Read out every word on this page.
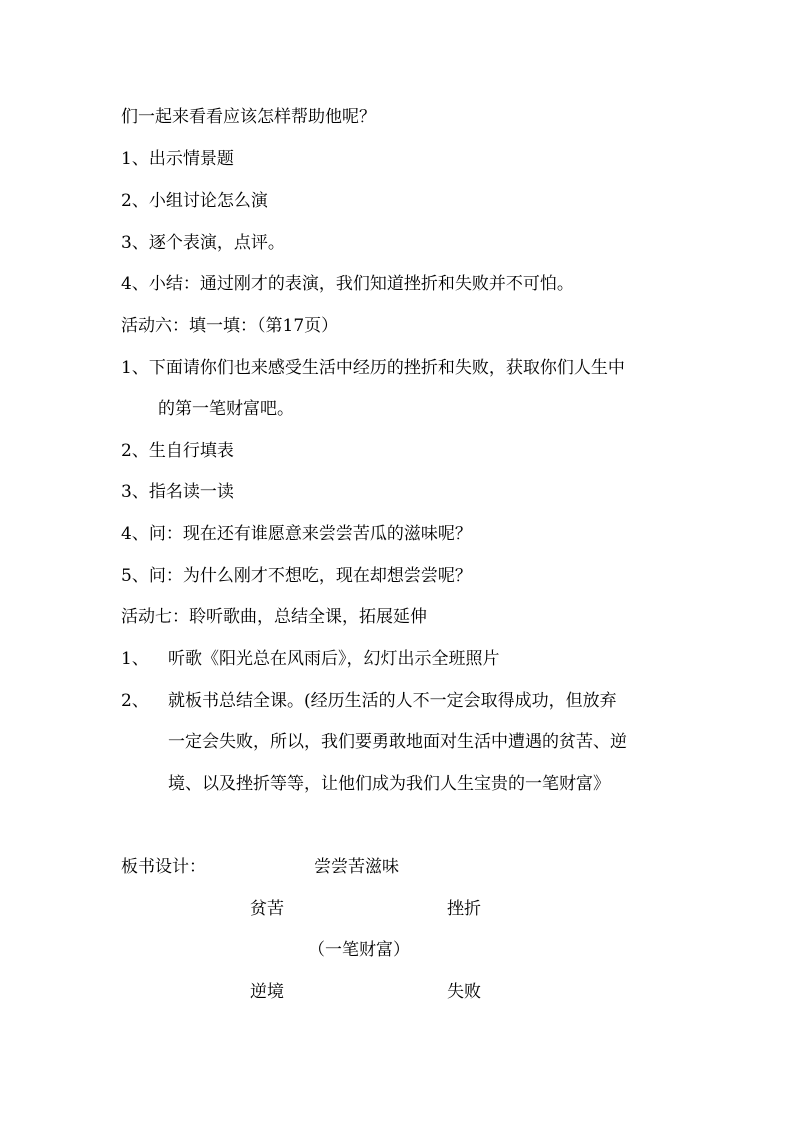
们一起来看看应该怎样帮助他呢？
1、出示情景题
2、小组讨论怎么演
3、逐个表演，点评。
4、小结：通过刚才的表演，我们知道挫折和失败并不可怕。
活动六：填一填：（第17页）
1、下面请你们也来感受生活中经历的挫折和失败，获取你们人生中
的第一笔财富吧。
2、生自行填表
3、指名读一读
4、问：现在还有谁愿意来尝尝苦瓜的滋味呢？
5、问：为什么刚才不想吃，现在却想尝尝呢？
活动七：聆听歌曲，总结全课，拓展延伸
1、 听歌《阳光总在风雨后》，幻灯出示全班照片
2、 就板书总结全课。(经历生活的人不一定会取得成功，但放弃
一定会失败，所以，我们要勇敢地面对生活中遭遇的贫苦、逆
境、以及挫折等等，让他们成为我们人生宝贵的一笔财富》
板书设计：	尝尝苦滋味
贫苦	挫折
（一笔财富）
逆境	失败
